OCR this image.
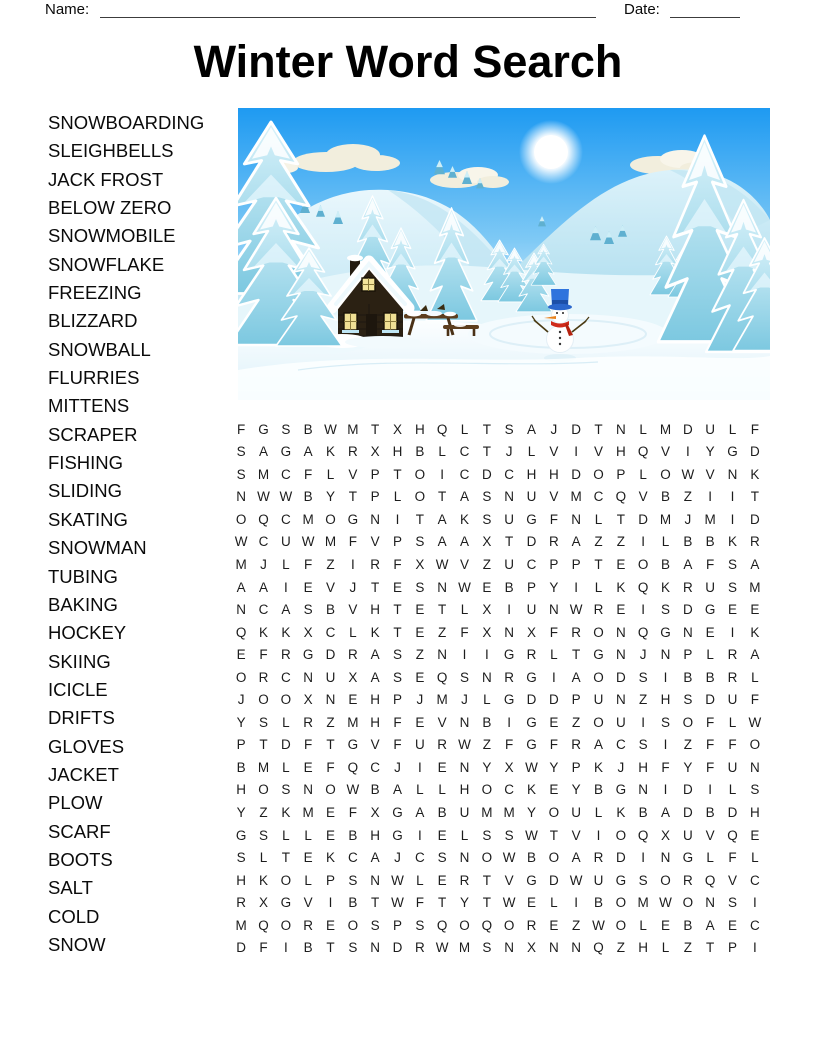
Name:	Date:
Winter Word Search
SNOWBOARDING
SLEIGHBELLS
JACK FROST
BELOW ZERO
SNOWMOBILE
SNOWFLAKE
FREEZING
BLIZZARD
SNOWBALL
FLURRIES
MITTENS
SCRAPER
FISHING
SLIDING
SKATING
SNOWMAN
TUBING
BAKING
HOCKEY
SKIING
ICICLE
DRIFTS
GLOVES
JACKET
PLOW
SCARF
BOOTS
SALT
COLD
SNOW
F G S B W M T	X H Q L	T	S A	J	D T N	L M D U	L	F
S A G A K R X H B	L	C T	J	L	V	I	V H Q V	I	Y G D
S M C F	L	V P	T O	I	C D C H H D O P	L O W V N K
N W W B Y	T	P	L O T	A S N U V M C Q V B	Z	I	I	T
O Q C M O G N	I	T	A K S U G F N	L	T D M J M	I	D
W C U W M F	V P S A A X	T D R A	Z	Z	I	L	B B K R
M J	L	F	Z	I	R F	X W V	Z U C P P	T	E O B A	F	S A
A A	I	E V	J	T	E S N W E B P Y	I	L	K Q K R U S M
N C A S B V H T	E	T	L	X	I	U N W R E	I	S D G E E
Q K K X C	L	K	T	E	Z	F	X N X	F R O N Q G N E	I	K
E	F R G D R A S	Z N	I	I	G R	L	T G N	J	N P	L	R A
O R C N U X A S E Q S N R G	I	A O D S	I	B B R	L
J	O O X N E H P	J M J	L G D D P U N Z H S D U F
Y S	L	R Z M H F	E V N B	I	G E	Z O U	I	S O F	L W
P	T D F	T G V	F U R W Z	F G F R A C S	I	Z	F	F O
B M L	E	F Q C	J	I	E N Y X W Y P K	J	H F	Y	F U N
H O S N O W B A	L	L	H O C K E Y B G N	I	D	I	L	S
Y	Z	K M E	F	X G A B U M M Y O U	L	K B A D B D H
G S	L	L	E B H G	I	E	L	S S W T	V	I	O Q X U V Q E
S	L	T	E K C A	J	C S N O W B O A R D	I	N G L	F	L
H K O L	P S N W L	E R T	V G D W U G S O R Q V C
R X G V	I	B	T W F	T	Y	T W E	L	I	B O M W O N S	I
M Q O R E O S P S Q O Q O R E	Z W O L	E B A E C
D F	I	B	T	S N D R W M S N X N N Q Z H	L	Z	T	P	I
